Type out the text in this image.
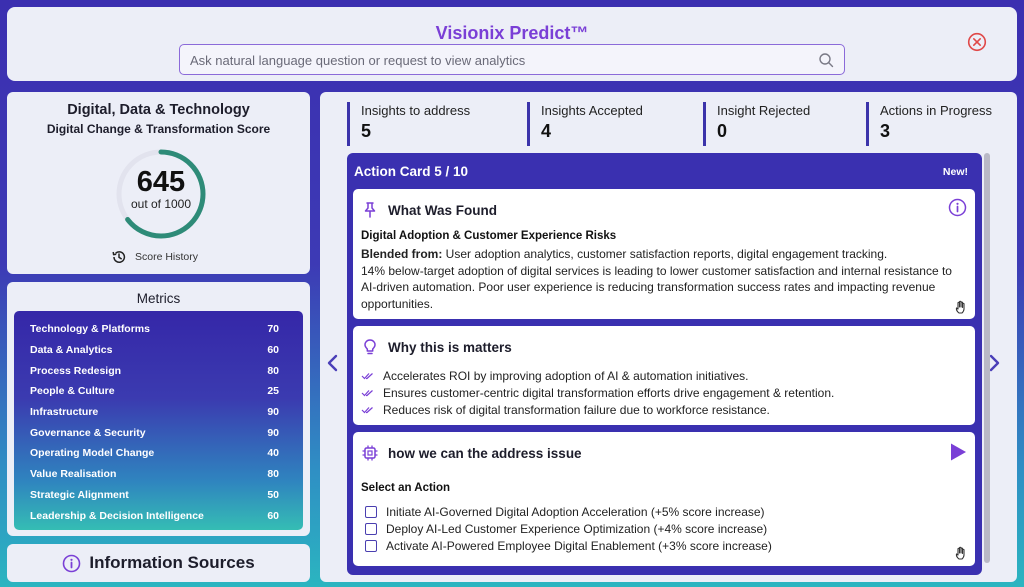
Visionix Predict™
Ask natural language question or request to view analytics
Digital, Data & Technology
Digital Change & Transformation Score
645
out of 1000
Score History
Metrics
Technology & Platforms	70
Data & Analytics	60
Process Redesign	80
People & Culture	25
Infrastructure	90
Governance & Security	90
Operating Model Change	40
Value Realisation	80
Strategic Alignment	50
Leadership & Decision Intelligence	60
Information Sources
Insights to address
5
Insights Accepted
4
Insight Rejected
0
Actions in Progress
3
Action Card 5 / 10	New!
What Was Found
Digital Adoption & Customer Experience Risks
Blended from: User adoption analytics, customer satisfaction reports, digital engagement tracking.
14% below-target adoption of digital services is leading to lower customer satisfaction and internal resistance to AI-driven automation. Poor user experience is reducing transformation success rates and impacting revenue opportunities.
Why this is matters
Accelerates ROI by improving adoption of AI & automation initiatives.
Ensures customer-centric digital transformation efforts drive engagement & retention.
Reduces risk of digital transformation failure due to workforce resistance.
how we can the address issue
Select an Action
Initiate AI-Governed Digital Adoption Acceleration (+5% score increase)
Deploy AI-Led Customer Experience Optimization (+4% score increase)
Activate AI-Powered Employee Digital Enablement (+3% score increase)
